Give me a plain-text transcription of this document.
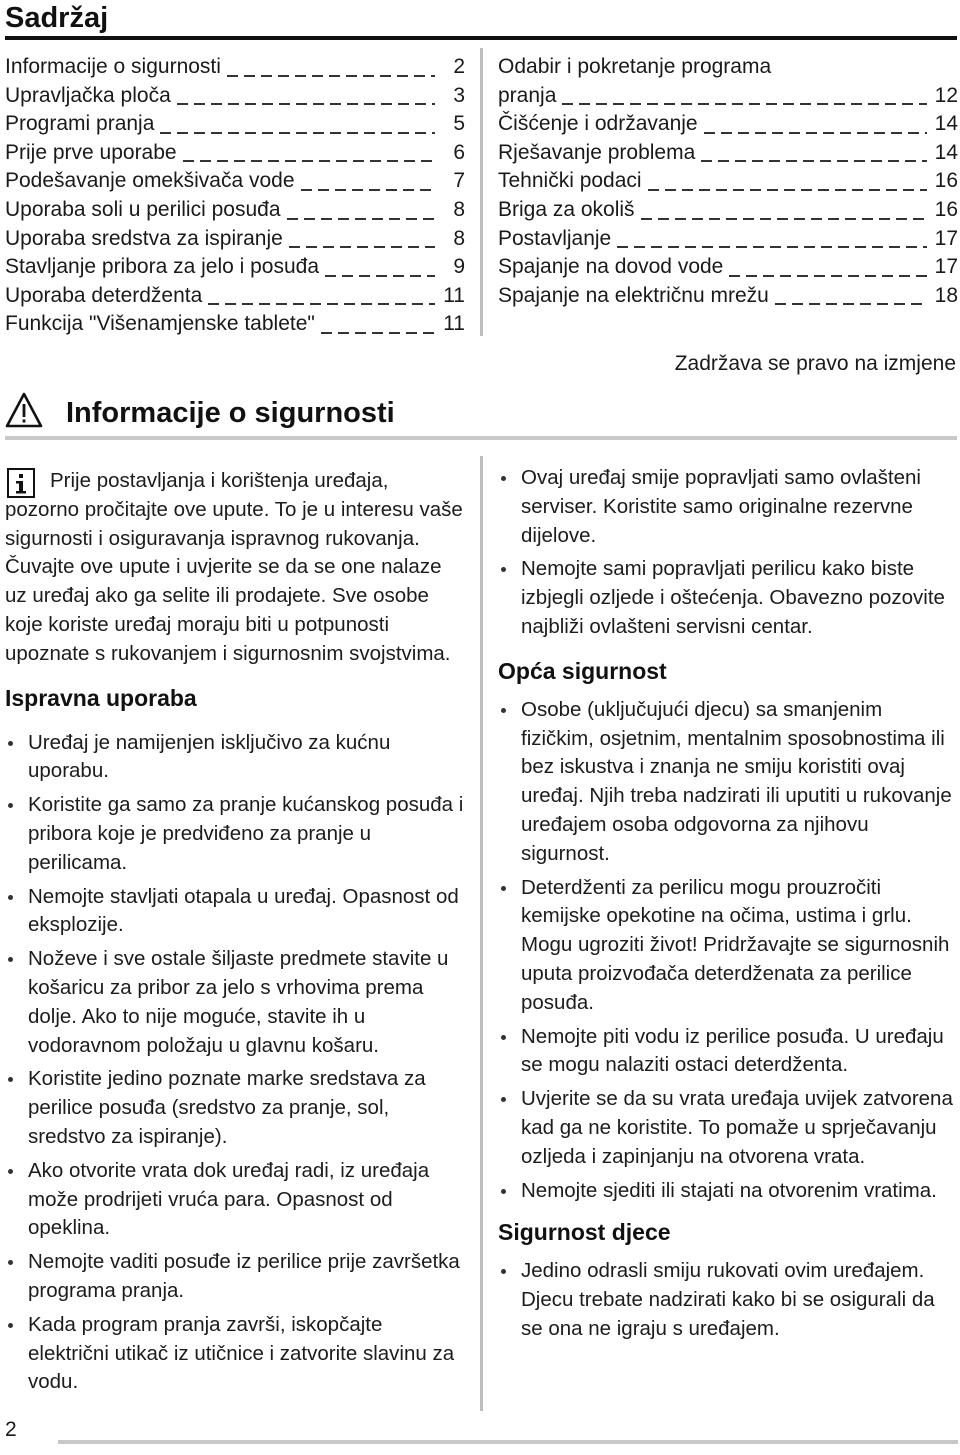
Sadržaj
Informacije o sigurnosti	2
Upravljačka ploča	3
Programi pranja	5
Prije prve uporabe	6
Podešavanje omekšivača vode	7
Uporaba soli u perilici posuđa	8
Uporaba sredstva za ispiranje	8
Stavljanje pribora za jelo i posuđa	9
Uporaba deterdženta	11
Funkcija "Višenamjenske tablete"	11
Odabir i pokretanje programa
pranja	12
Čišćenje i održavanje	14
Rješavanje problema	14
Tehnički podaci	16
Briga za okoliš	16
Postavljanje	17
Spajanje na dovod vode	17
Spajanje na električnu mrežu	18
Zadržava se pravo na izmjene
Informacije o sigurnosti

Prije postavljanja i korištenja uređaja, pozorno pročitajte ove upute. To je u interesu vaše sigurnosti i osiguravanja ispravnog rukovanja. Čuvajte ove upute i uvjerite se da se one nalaze uz uređaj ako ga selite ili prodajete. Sve osobe koje koriste uređaj moraju biti u potpunosti upoznate s rukovanjem i sigurnosnim svojstvima.

Ispravna uporaba
Uređaj je namijenjen isključivo za kućnu uporabu.
Koristite ga samo za pranje kućanskog posuđa i pribora koje je predviđeno za pranje u perilicama.
Nemojte stavljati otapala u uređaj. Opasnost od eksplozije.
Noževe i sve ostale šiljaste predmete stavite u košaricu za pribor za jelo s vrhovima prema dolje. Ako to nije moguće, stavite ih u vodoravnom položaju u glavnu košaru.
Koristite jedino poznate marke sredstava za perilice posuđa (sredstvo za pranje, sol, sredstvo za ispiranje).
Ako otvorite vrata dok uređaj radi, iz uređaja može prodrijeti vruća para. Opasnost od opeklina.
Nemojte vaditi posuđe iz perilice prije završetka programa pranja.
Kada program pranja završi, iskopčajte električni utikač iz utičnice i zatvorite slavinu za vodu.
Ovaj uređaj smije popravljati samo ovlašteni serviser. Koristite samo originalne rezervne dijelove.
Nemojte sami popravljati perilicu kako biste izbjegli ozljede i oštećenja. Obavezno pozovite najbliži ovlašteni servisni centar.
Opća sigurnost
Osobe (uključujući djecu) sa smanjenim fizičkim, osjetnim, mentalnim sposobnostima ili bez iskustva i znanja ne smiju koristiti ovaj uređaj. Njih treba nadzirati ili uputiti u rukovanje uređajem osoba odgovorna za njihovu sigurnost.
Deterdženti za perilicu mogu prouzročiti kemijske opekotine na očima, ustima i grlu. Mogu ugroziti život! Pridržavajte se sigurnosnih uputa proizvođača deterdženata za perilice posuđa.
Nemojte piti vodu iz perilice posuđa. U uređaju se mogu nalaziti ostaci deterdženta.
Uvjerite se da su vrata uređaja uvijek zatvorena kad ga ne koristite. To pomaže u sprječavanju ozljeda i zapinjanju na otvorena vrata.
Nemojte sjediti ili stajati na otvorenim vratima.
Sigurnost djece
Jedino odrasli smiju rukovati ovim uređajem. Djecu trebate nadzirati kako bi se osigurali da se ona ne igraju s uređajem.
2
